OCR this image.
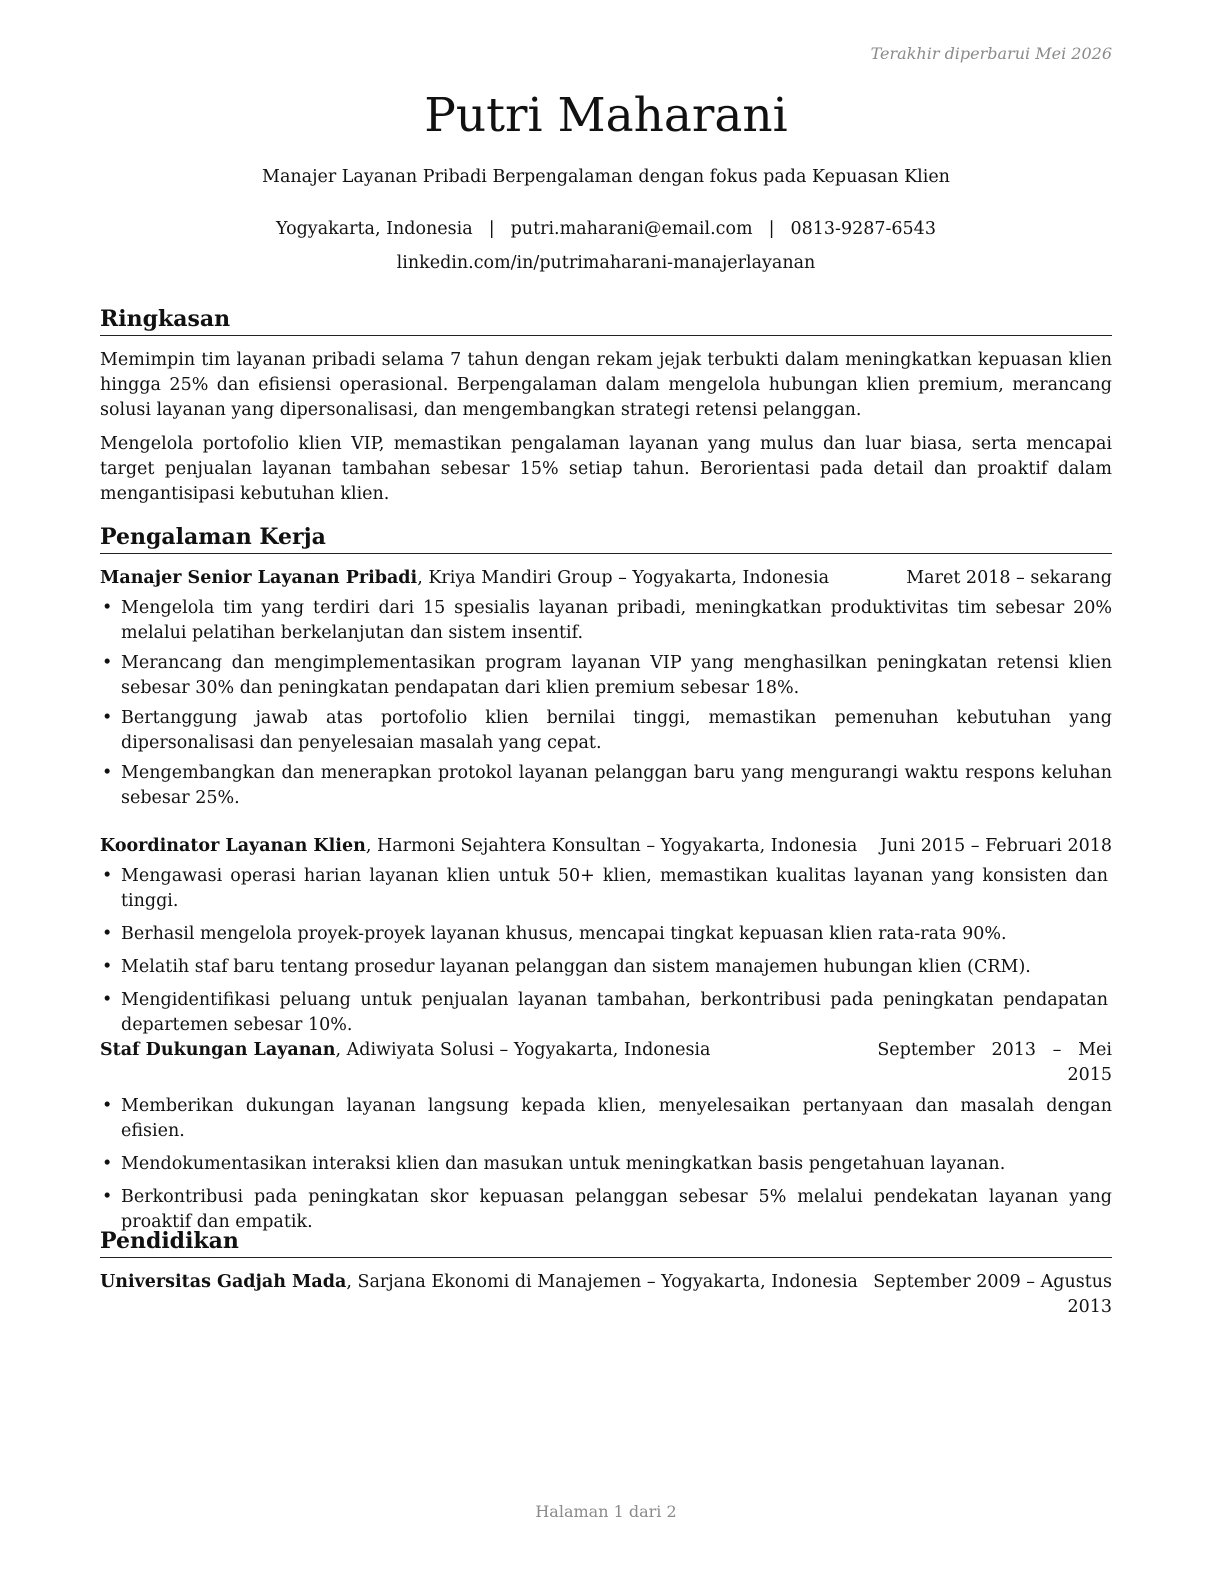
Terakhir diperbarui Mei 2026
Putri Maharani
Manajer Layanan Pribadi Berpengalaman dengan fokus pada Kepuasan Klien
Yogyakarta, Indonesia | putri.maharani@email.com | 0813-9287-6543
linkedin.com/in/putrimaharani-manajerlayanan
Ringkasan
Memimpin tim layanan pribadi selama 7 tahun dengan rekam jejak terbukti dalam meningkatkan kepuasan klien hingga 25% dan efisiensi operasional. Berpengalaman dalam mengelola hubungan klien premium, merancang solusi layanan yang dipersonalisasi, dan mengembangkan strategi retensi pelanggan.
Mengelola portofolio klien VIP, memastikan pengalaman layanan yang mulus dan luar biasa, serta mencapai target penjualan layanan tambahan sebesar 15% setiap tahun. Berorientasi pada detail dan proaktif dalam mengantisipasi kebutuhan klien.
Pengalaman Kerja
Manajer Senior Layanan Pribadi, Kriya Mandiri Group – Yogyakarta, Indonesia	Maret 2018 – sekarang
• Mengelola tim yang terdiri dari 15 spesialis layanan pribadi, meningkatkan produktivitas tim sebesar 20% melalui pelatihan berkelanjutan dan sistem insentif.
• Merancang dan mengimplementasikan program layanan VIP yang menghasilkan peningkatan retensi klien sebesar 30% dan peningkatan pendapatan dari klien premium sebesar 18%.
• Bertanggung jawab atas portofolio klien bernilai tinggi, memastikan pemenuhan kebutuhan yang dipersonalisasi dan penyelesaian masalah yang cepat.
• Mengembangkan dan menerapkan protokol layanan pelanggan baru yang mengurangi waktu respons keluhan sebesar 25%.
Koordinator Layanan Klien, Harmoni Sejahtera Konsultan – Yogyakarta, Indonesia Juni 2015 – Februari 2018
• Mengawasi operasi harian layanan klien untuk 50+ klien, memastikan kualitas layanan yang konsisten dan tinggi.
• Berhasil mengelola proyek-proyek layanan khusus, mencapai tingkat kepuasan klien rata-rata 90%.
• Melatih staf baru tentang prosedur layanan pelanggan dan sistem manajemen hubungan klien (CRM).
• Mengidentifikasi peluang untuk penjualan layanan tambahan, berkontribusi pada peningkatan pendapatan departemen sebesar 10%.
Staf Dukungan Layanan, Adiwiyata Solusi – Yogyakarta, Indonesia	September   2013   –   Mei
2015
• Memberikan dukungan layanan langsung kepada klien, menyelesaikan pertanyaan dan masalah dengan efisien.
• Mendokumentasikan interaksi klien dan masukan untuk meningkatkan basis pengetahuan layanan.
• Berkontribusi pada peningkatan skor kepuasan pelanggan sebesar 5% melalui pendekatan layanan yang proaktif dan empatik.
Pendidikan
Universitas Gadjah Mada, Sarjana Ekonomi di Manajemen – Yogyakarta, Indonesia September 2009 – Agustus
2013
Halaman 1 dari 2
